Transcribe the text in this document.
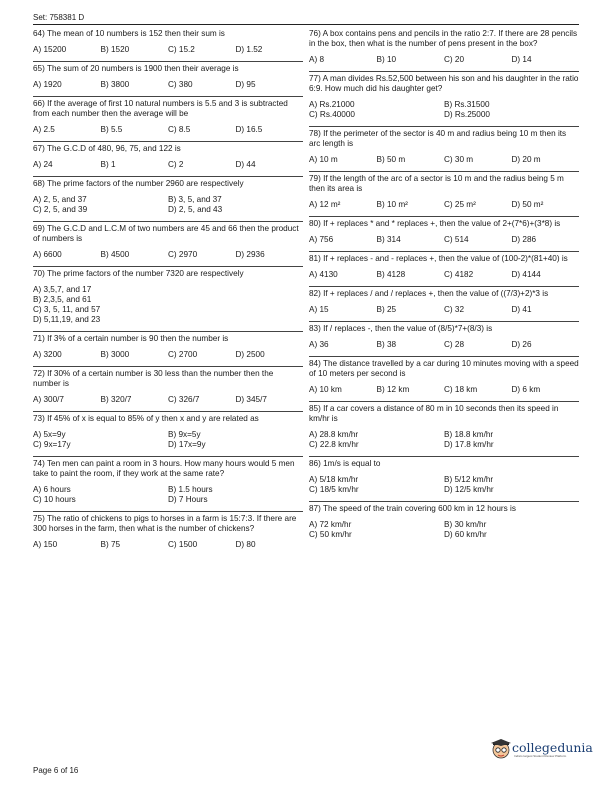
Set: 758381 D
64) The mean of 10 numbers is 152 then their sum is
A) 15200	B) 1520	C) 15.2	D) 1.52
65) The sum of 20 numbers is 1900 then their average is
A) 1920	B) 3800	C) 380	D) 95
66) If the average of first 10 natural numbers is 5.5 and 3 is subtracted from each number then the average will be
A) 2.5	B) 5.5	C) 8.5	D) 16.5
67) The G.C.D of 480, 96, 75, and 122 is
A) 24	B) 1	C) 2	D) 44
68) The prime factors of the number 2960 are respectively
A) 2, 5, and 37	B) 3, 5, and 37
C) 2, 5, and 39	D) 2, 5, and 43
69) The G.C.D and L.C.M of two numbers are 45 and 66 then the product of numbers is
A) 6600	B) 4500	C) 2970	D) 2936
70) The prime factors of the number 7320 are respectively
A) 3,5,7, and 17
B) 2,3,5, and 61
C) 3, 5, 11, and 57
D) 5,11,19, and 23
71) If 3% of a certain number is 90 then the number is
A) 3200	B) 3000	C) 2700	D) 2500
72) If 30% of a certain number is 30 less than the number then the number is
A) 300/7	B) 320/7	C) 326/7	D) 345/7
73) If 45% of x is equal to 85% of y then x and y are related as
A) 5x=9y	B) 9x=5y
C) 9x=17y	D) 17x=9y
74) Ten men can paint a room in 3 hours. How many hours would 5 men take to paint the room, if they work at the same rate?
A) 6 hours	B) 1.5 hours
C) 10 hours	D) 7 Hours
75) The ratio of chickens to pigs to horses in a farm is 15:7:3. If there are 300 horses in the farm, then what is the number of chickens?
A) 150	B) 75	C) 1500	D) 80
76) A box contains pens and pencils in the ratio 2:7. If there are 28 pencils in the box, then what is the number of pens present in the box?
A) 8	B) 10	C) 20	D) 14
77) A man divides Rs.52,500 between his son and his daughter in the ratio 6:9. How much did his daughter get?
A) Rs.21000	B) Rs.31500
C) Rs.40000	D) Rs.25000
78) If the perimeter of the sector is 40 m and radius being 10 m then its arc length is
A) 10 m	B) 50 m	C) 30 m	D) 20 m
79) If the length of the arc of a sector is 10 m and the radius being 5 m then its area is
A) 12 m²	B) 10 m²	C) 25 m²	D) 50 m²
80) If + replaces * and * replaces +, then the value of 2+(7*6)+(3*8) is
A) 756	B) 314	C) 514	D) 286
81) If + replaces - and - replaces +, then the value of (100-2)*(81+40) is
A) 4130	B) 4128	C) 4182	D) 4144
82) If + replaces / and / replaces +, then the value of ((7/3)+2)*3 is
A) 15	B) 25	C) 32	D) 41
83) If / replaces -, then the value of (8/5)*7+(8/3) is
A) 36	B) 38	C) 28	D) 26
84) The distance travelled by a car during 10 minutes moving with a speed of 10 meters per second is
A) 10 km	B) 12 km	C) 18 km	D) 6 km
85) If a car covers a distance of 80 m in 10 seconds then its speed in km/hr is
A) 28.8 km/hr	B) 18.8 km/hr
C) 22.8 km/hr	D) 17.8 km/hr
86) 1m/s is equal to
A) 5/18 km/hr	B) 5/12 km/hr
C) 18/5 km/hr	D) 12/5 km/hr
87) The speed of the train covering 600 km in 12 hours is
A) 72 km/hr	B) 30 km/hr
C) 50 km/hr	D) 60 km/hr
Page 6 of 16
collegedunia
India's largest Student Review Platform
